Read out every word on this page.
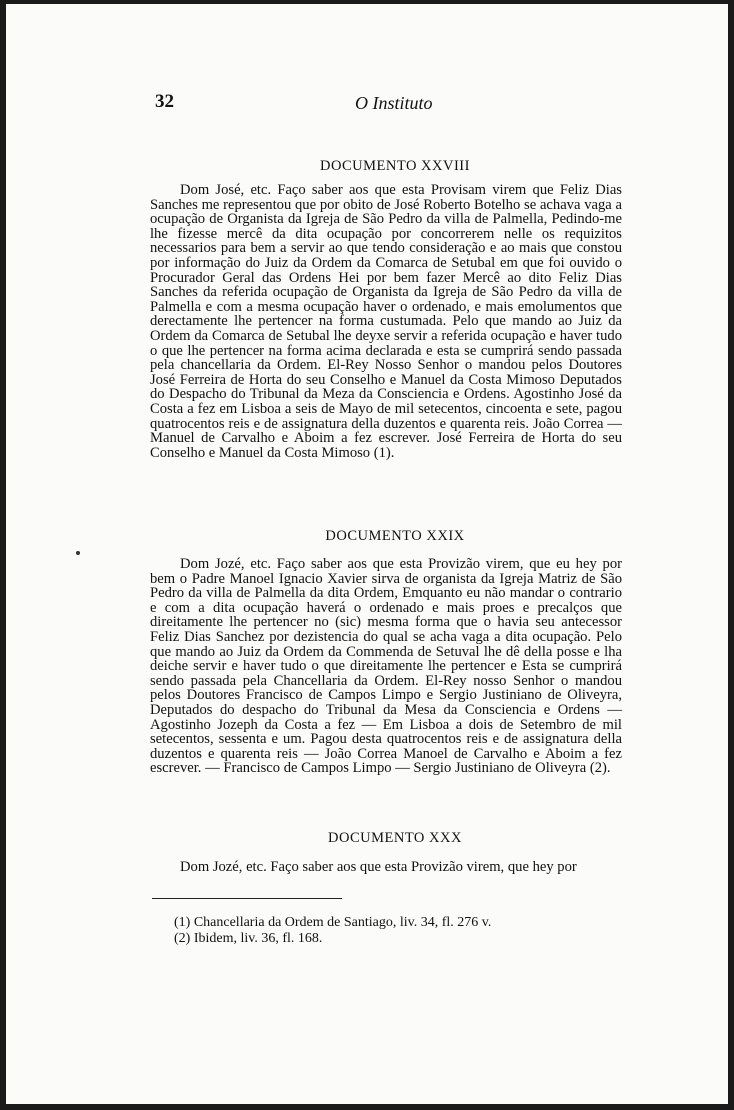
32	O Instituto
DOCUMENTO XXVIII

Dom José, etc. Faço saber aos que esta Provisam virem que Feliz Dias Sanches me representou que por obito de José Roberto Botelho se achava vaga a ocupação de Organista da Igreja de São Pedro da villa de Palmella, Pedindo-me lhe fizesse mercê da dita ocupação por concorrerem nelle os requizitos necessarios para bem a servir ao que tendo consideração e ao mais que constou por informação do Juiz da Ordem da Comarca de Setubal em que foi ouvido o Procurador Geral das Ordens Hei por bem fazer Mercê ao dito Feliz Dias Sanches da referida ocupação de Organista da Igreja de São Pedro da villa de Palmella e com a mesma ocupação haver o ordenado, e mais emolumentos que derectamente lhe pertencer na forma custumada. Pelo que mando ao Juiz da Ordem da Comarca de Setubal lhe deyxe servir a referida ocupação e haver tudo o que lhe pertencer na forma acima declarada e esta se cumprirá sendo passada pela chancellaria da Ordem. El-Rey Nosso Senhor o mandou pelos Doutores José Ferreira de Horta do seu Conselho e Manuel da Costa Mimoso Deputados do Despacho do Tribunal da Meza da Consciencia e Ordens. Agostinho José da Costa a fez em Lisboa a seis de Mayo de mil setecentos, cincoenta e sete, pagou quatrocentos reis e de assignatura della duzentos e quarenta reis. João Correa — Manuel de Carvalho e Aboim a fez escrever. José Ferreira de Horta do seu Conselho e Manuel da Costa Mimoso (1).

DOCUMENTO XXIX

Dom Jozé, etc. Faço saber aos que esta Provizão virem, que eu hey por bem o Padre Manoel Ignacio Xavier sirva de organista da Igreja Matriz de São Pedro da villa de Palmella da dita Ordem, Emquanto eu não mandar o contrario e com a dita ocupação haverá o ordenado e mais proes e precalços que direitamente lhe pertencer no (sic) mesma forma que o havia seu antecessor Feliz Dias Sanchez por dezistencia do qual se acha vaga a dita ocupação. Pelo que mando ao Juiz da Ordem da Commenda de Setuval lhe dê della posse e lha deiche servir e haver tudo o que direitamente lhe pertencer e Esta se cumprirá sendo passada pela Chancellaria da Ordem. El-Rey nosso Senhor o mandou pelos Doutores Francisco de Campos Limpo e Sergio Justiniano de Oliveyra, Deputados do despacho do Tribunal da Mesa da Consciencia e Ordens — Agostinho Jozeph da Costa a fez — Em Lisboa a dois de Setembro de mil setecentos, sessenta e um. Pagou desta quatrocentos reis e de assignatura della duzentos e quarenta reis — João Correa Manoel de Carvalho e Aboim a fez escrever. — Francisco de Campos Limpo — Sergio Justiniano de Oliveyra (2).

DOCUMENTO XXX

Dom Jozé, etc. Faço saber aos que esta Provizão virem, que hey por

(1) Chancellaria da Ordem de Santiago, liv. 34, fl. 276 v.

(2) Ibidem, liv. 36, fl. 168.
